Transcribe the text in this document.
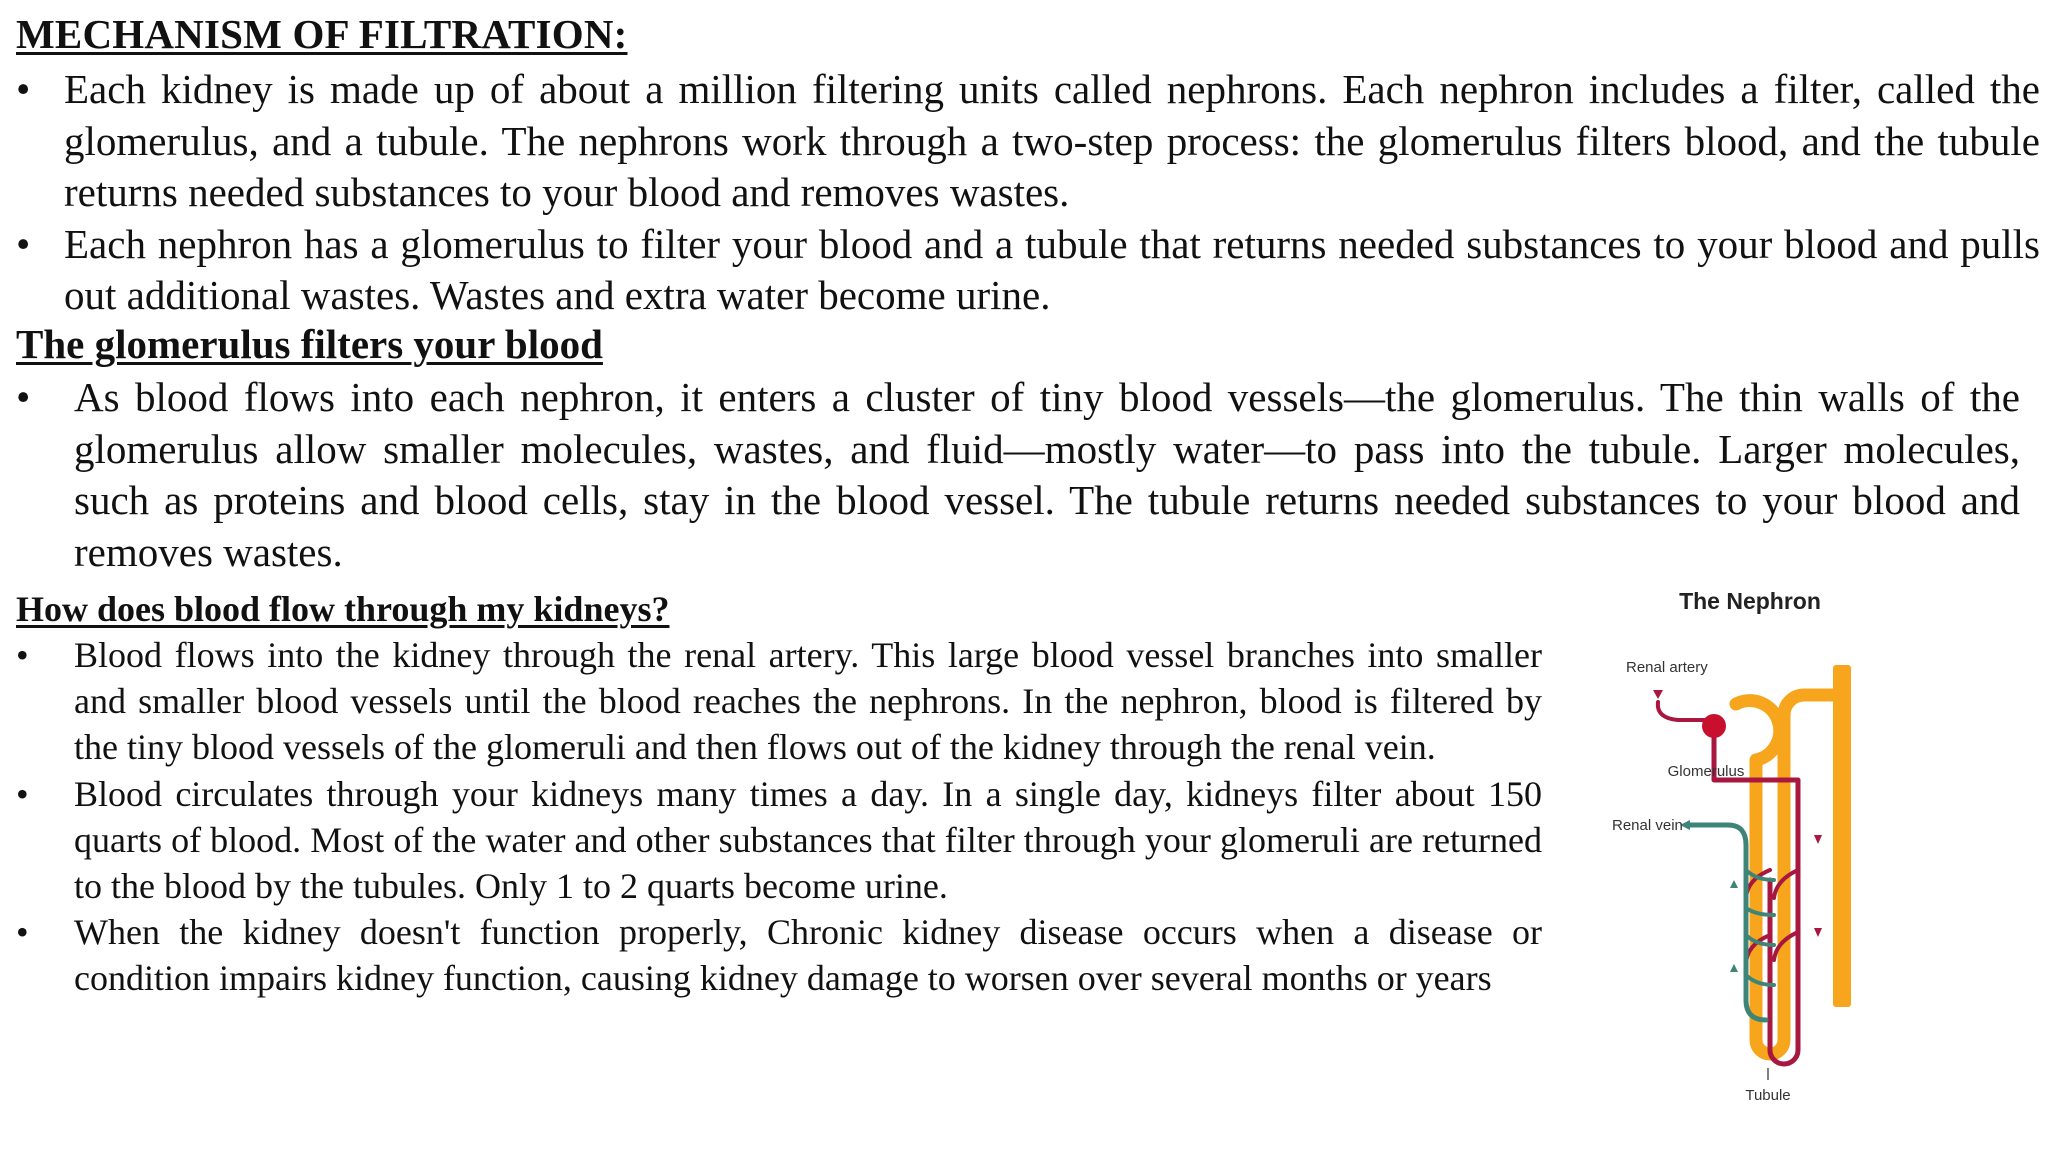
MECHANISM OF FILTRATION:
• Each kidney is made up of about a million filtering units called nephrons. Each nephron includes a filter, called the glomerulus, and a tubule. The nephrons work through a two-step process: the glomerulus filters blood, and the tubule returns needed substances to your blood and removes wastes.
• Each nephron has a glomerulus to filter your blood and a tubule that returns needed substances to your blood and pulls out additional wastes. Wastes and extra water become urine.
The glomerulus filters your blood
• As blood flows into each nephron, it enters a cluster of tiny blood vessels—the glomerulus. The thin walls of the glomerulus allow smaller molecules, wastes, and fluid—mostly water—to pass into the tubule. Larger molecules, such as proteins and blood cells, stay in the blood vessel. The tubule returns needed substances to your blood and removes wastes.
How does blood flow through my kidneys?
• Blood flows into the kidney through the renal artery. This large blood vessel branches into smaller and smaller blood vessels until the blood reaches the nephrons. In the nephron, blood is filtered by the tiny blood vessels of the glomeruli and then flows out of the kidney through the renal vein.
• Blood circulates through your kidneys many times a day. In a single day, kidneys filter about 150 quarts of blood. Most of the water and other substances that filter through your glomeruli are returned to the blood by the tubules. Only 1 to 2 quarts become urine.
• When the kidney doesn't function properly, Chronic kidney disease occurs when a disease or condition impairs kidney function, causing kidney damage to worsen over several months or years
The Nephron
Renal artery
Glomerulus
Renal vein
Tubule
